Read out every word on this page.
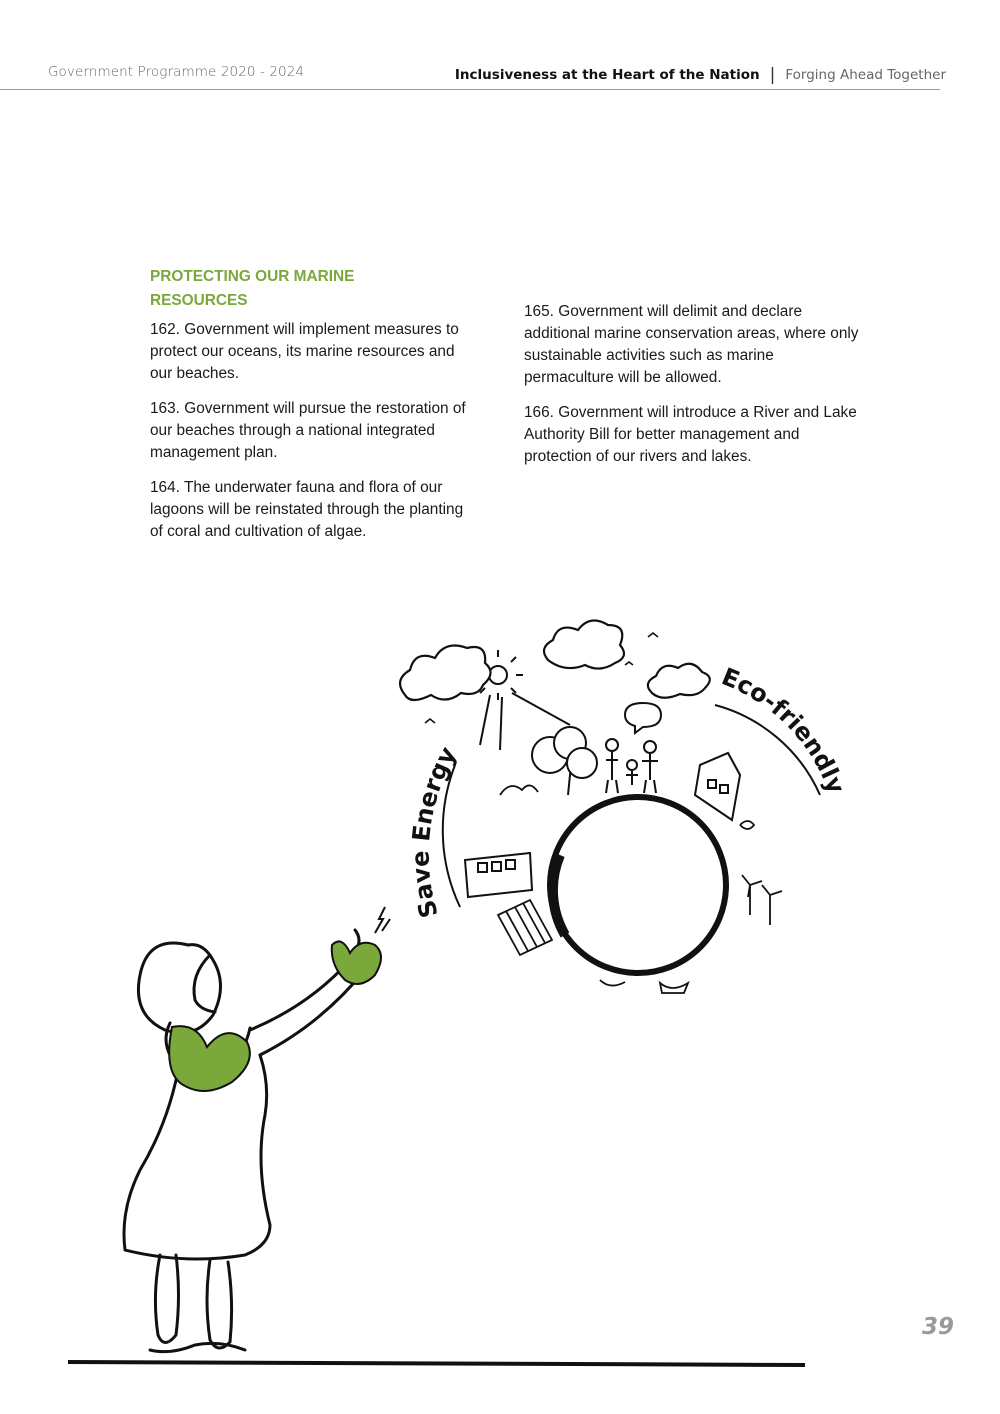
Government Programme 2020 - 2024	Inclusiveness at the Heart of the Nation | Forging Ahead Together
PROTECTING OUR MARINE RESOURCES

162. Government will implement measures to protect our oceans, its marine resources and our beaches.

163. Government will pursue the restoration of our beaches through a national integrated management plan.

164. The underwater fauna and flora of our lagoons will be reinstated through the planting of coral and cultivation of algae.

165. Government will delimit and declare additional marine conservation areas, where only sustainable activities such as marine permaculture will be allowed.

166. Government will introduce a River and Lake Authority Bill for better management and protection of our rivers and lakes.

Save Energy
Eco-friendly
39
